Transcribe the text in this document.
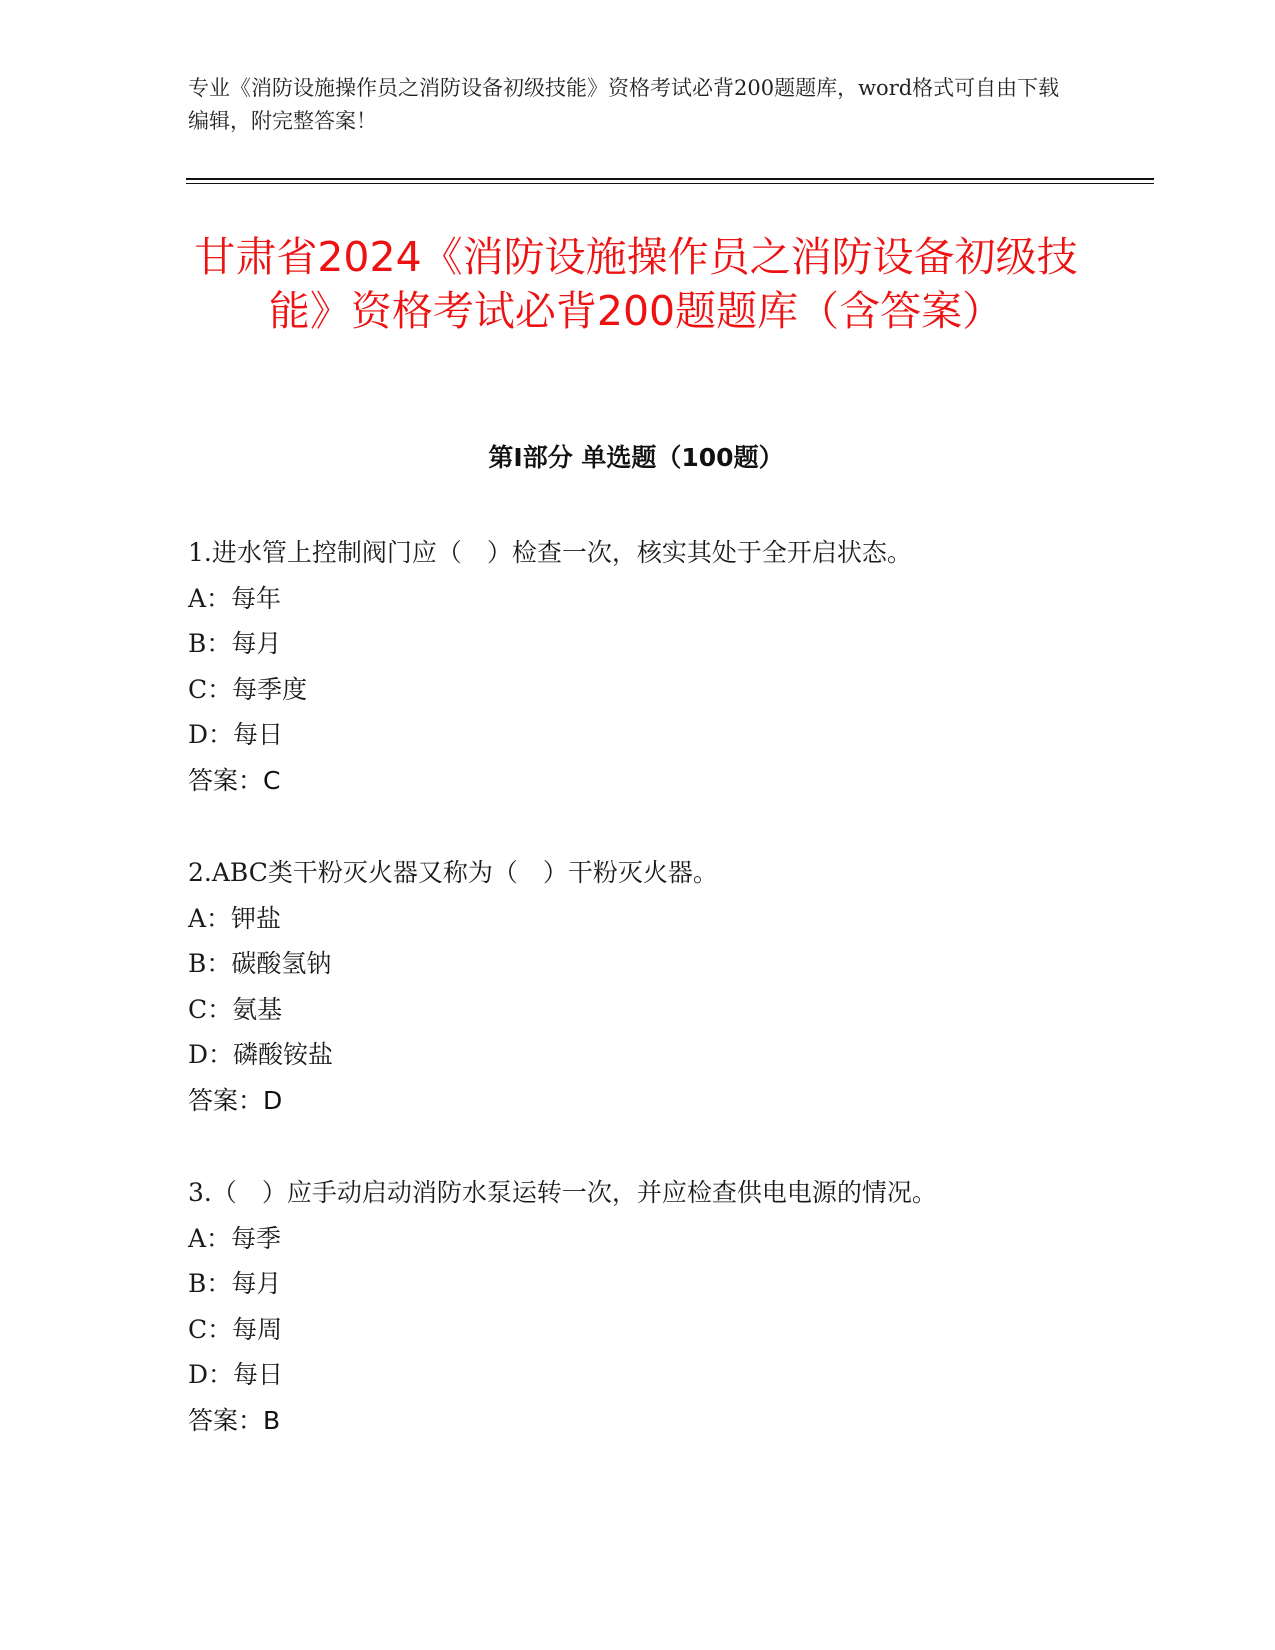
专业《消防设施操作员之消防设备初级技能》资格考试必背200题题库，word格式可自由下载编辑，附完整答案！
甘肃省2024《消防设施操作员之消防设备初级技能》资格考试必背200题题库（含答案）
第I部分 单选题（100题）
1.进水管上控制阀门应（　）检查一次，核实其处于全开启状态。
A：每年
B：每月
C：每季度
D：每日
答案：C
2.ABC类干粉灭火器又称为（　）干粉灭火器。
A：钾盐
B：碳酸氢钠
C：氨基
D：磷酸铵盐
答案：D
3.（　）应手动启动消防水泵运转一次，并应检查供电电源的情况。
A：每季
B：每月
C：每周
D：每日
答案：B
